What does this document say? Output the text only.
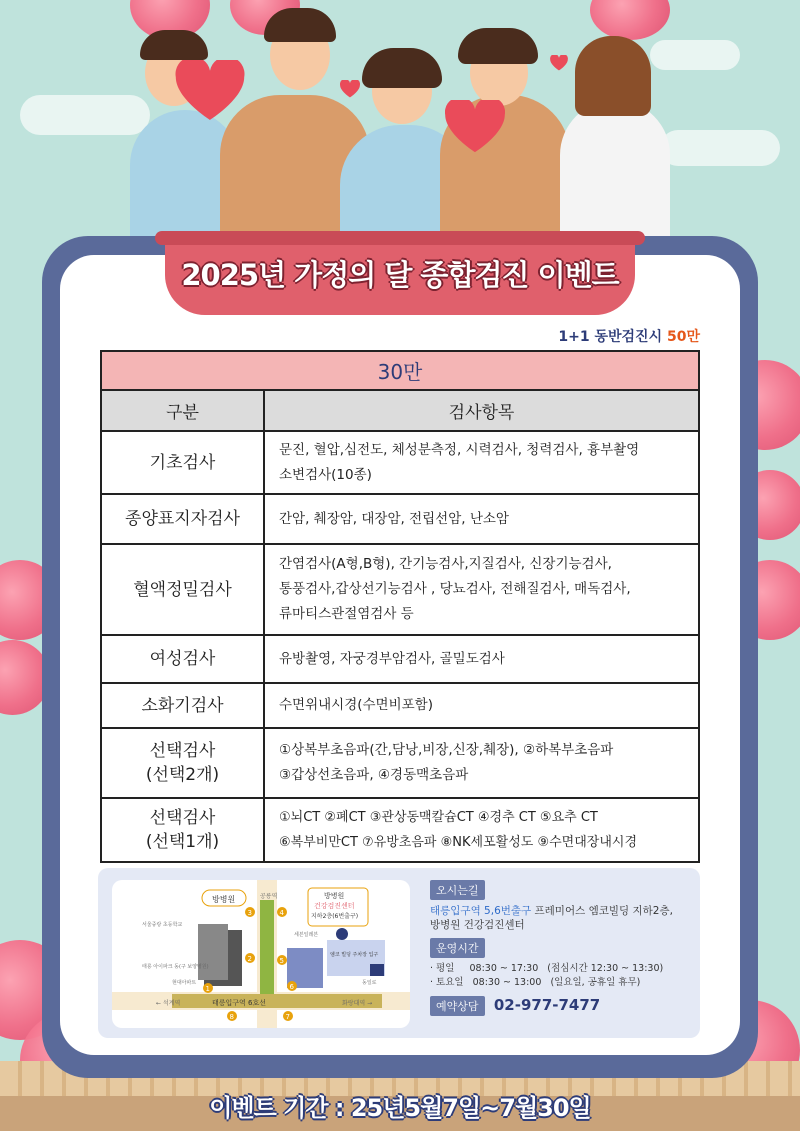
2025년 가정의 달 종합검진 이벤트
1+1 동반검진시 50만
30만	
구분	검사항목

기초검사	문진, 혈압,심전도, 체성분측정, 시력검사, 청력검사, 흉부촬영
소변검사(10종)

종양표지자검사	간암, 췌장암, 대장암, 전립선암, 난소암

혈액정밀검사	간염검사(A형,B형), 간기능검사,지질검사, 신장기능검사,
통풍검사,갑상선기능검사 , 당뇨검사, 전해질검사, 매독검사,
류마티스관절염검사 등

여성검사	유방촬영, 자궁경부암검사, 골밀도검사

소화기검사	수면위내시경(수면비포함)

선택검사
(선택2개)	①상복부초음파(간,담낭,비장,신장,췌장), ②하복부초음파
③갑상선초음파, ④경동맥초음파

선택검사
(선택1개)	①뇌CT ②폐CT ③관상동맥칼슘CT ④경추 CT ⑤요추 CT
⑥복부비만CT ⑦유방초음파 ⑧NK세포활성도 ⑨수면대장내시경
2
1
3	4
5
6
7
8
방병원	방병원
건강검진센터
지하2층(6번출구)
공릉역
태릉입구역 6호선
← 석계역	화랑대역 →
엠코 빌딩 주차장 입구
동일로
서울중랑 초등학교
태릉 아이파크 동(구 보양병원)
현대아파트
세븐일레븐
오시는길
태릉입구역 5,6번출구 프레미어스 엠코빌딩 지하2층,
방병원 건강검진센터
운영시간
· 평일     08:30 ~ 17:30   (점심시간 12:30 ~ 13:30)
· 토요일   08:30 ~ 13:00   (일요일, 공휴일 휴무)
예약상담 02-977-7477
이벤트 기간 : 25년5월7일~7월30일
